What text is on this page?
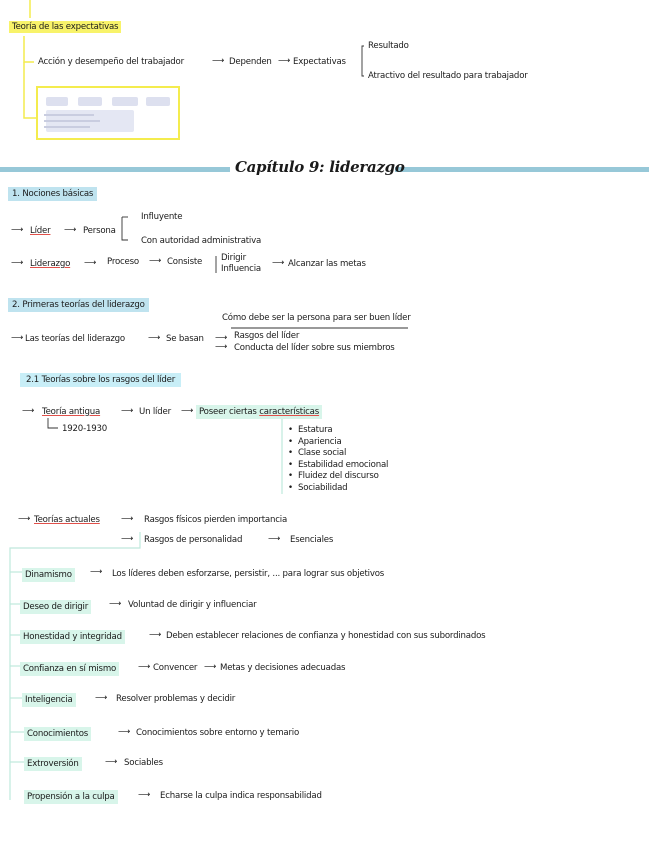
Teoría de las expectativas
Acción y desempeño del trabajador	⟶ Dependen ⟶ Expectativas
Resultado
Atractivo del resultado para trabajador
Capítulo 9: liderazgo
1. Nociones básicas
⟶ Líder ⟶ Persona
Influyente
Con autoridad administrativa
⟶ Liderazgo ⟶ Proceso ⟶ Consiste Dirigir
Influencia
⟶ Alcanzar las metas
2. Primeras teorías del liderazgo
Cómo debe ser la persona para ser buen líder
⟶ Las teorías del liderazgo	⟶ Se basan ⟶ Rasgos del líder
⟶ Conducta del líder sobre sus miembros
2.1 Teorías sobre los rasgos del líder
⟶ Teoría antigua
1920-1930
⟶ Un líder ⟶ Poseer ciertas características
•  Estatura
•  Apariencia
•  Clase social
•  Estabilidad emocional
•  Fluidez del discurso
•  Sociabilidad
⟶ Teorías actuales ⟶ Rasgos físicos pierden importancia
⟶ Rasgos de personalidad	⟶ Esenciales
Dinamismo	⟶ Los líderes deben esforzarse, persistir, ... para lograr sus objetivos
Deseo de dirigir	⟶ Voluntad de dirigir y influenciar
Honestidad y integridad	⟶ Deben establecer relaciones de confianza y honestidad con sus subordinados
Confianza en sí mismo	⟶ Convencer ⟶ Metas y decisiones adecuadas
Inteligencia	⟶ Resolver problemas y decidir
Conocimientos	⟶ Conocimientos sobre entorno y temario
Extroversión	⟶ Sociables
Propensión a la culpa	⟶ Echarse la culpa indica responsabilidad
